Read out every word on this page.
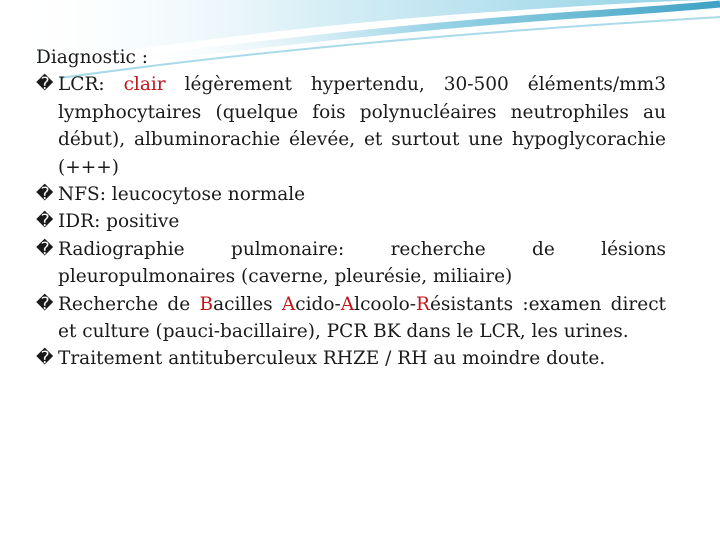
Diagnostic :

� LCR: clair légèrement hypertendu, 30-500 éléments/mm3 lymphocytaires (quelque fois polynucléaires neutrophiles au début), albuminorachie élevée, et surtout une hypoglycorachie (+++)

� NFS: leucocytose normale

� IDR: positive

� Radiographie pulmonaire: recherche de lésions pleuropulmonaires (caverne, pleurésie, miliaire)

� Recherche de Bacilles Acido-Alcoolo-Résistants :examen direct et culture (pauci-bacillaire), PCR BK dans le LCR, les urines.

� Traitement antituberculeux RHZE / RH au moindre doute.
